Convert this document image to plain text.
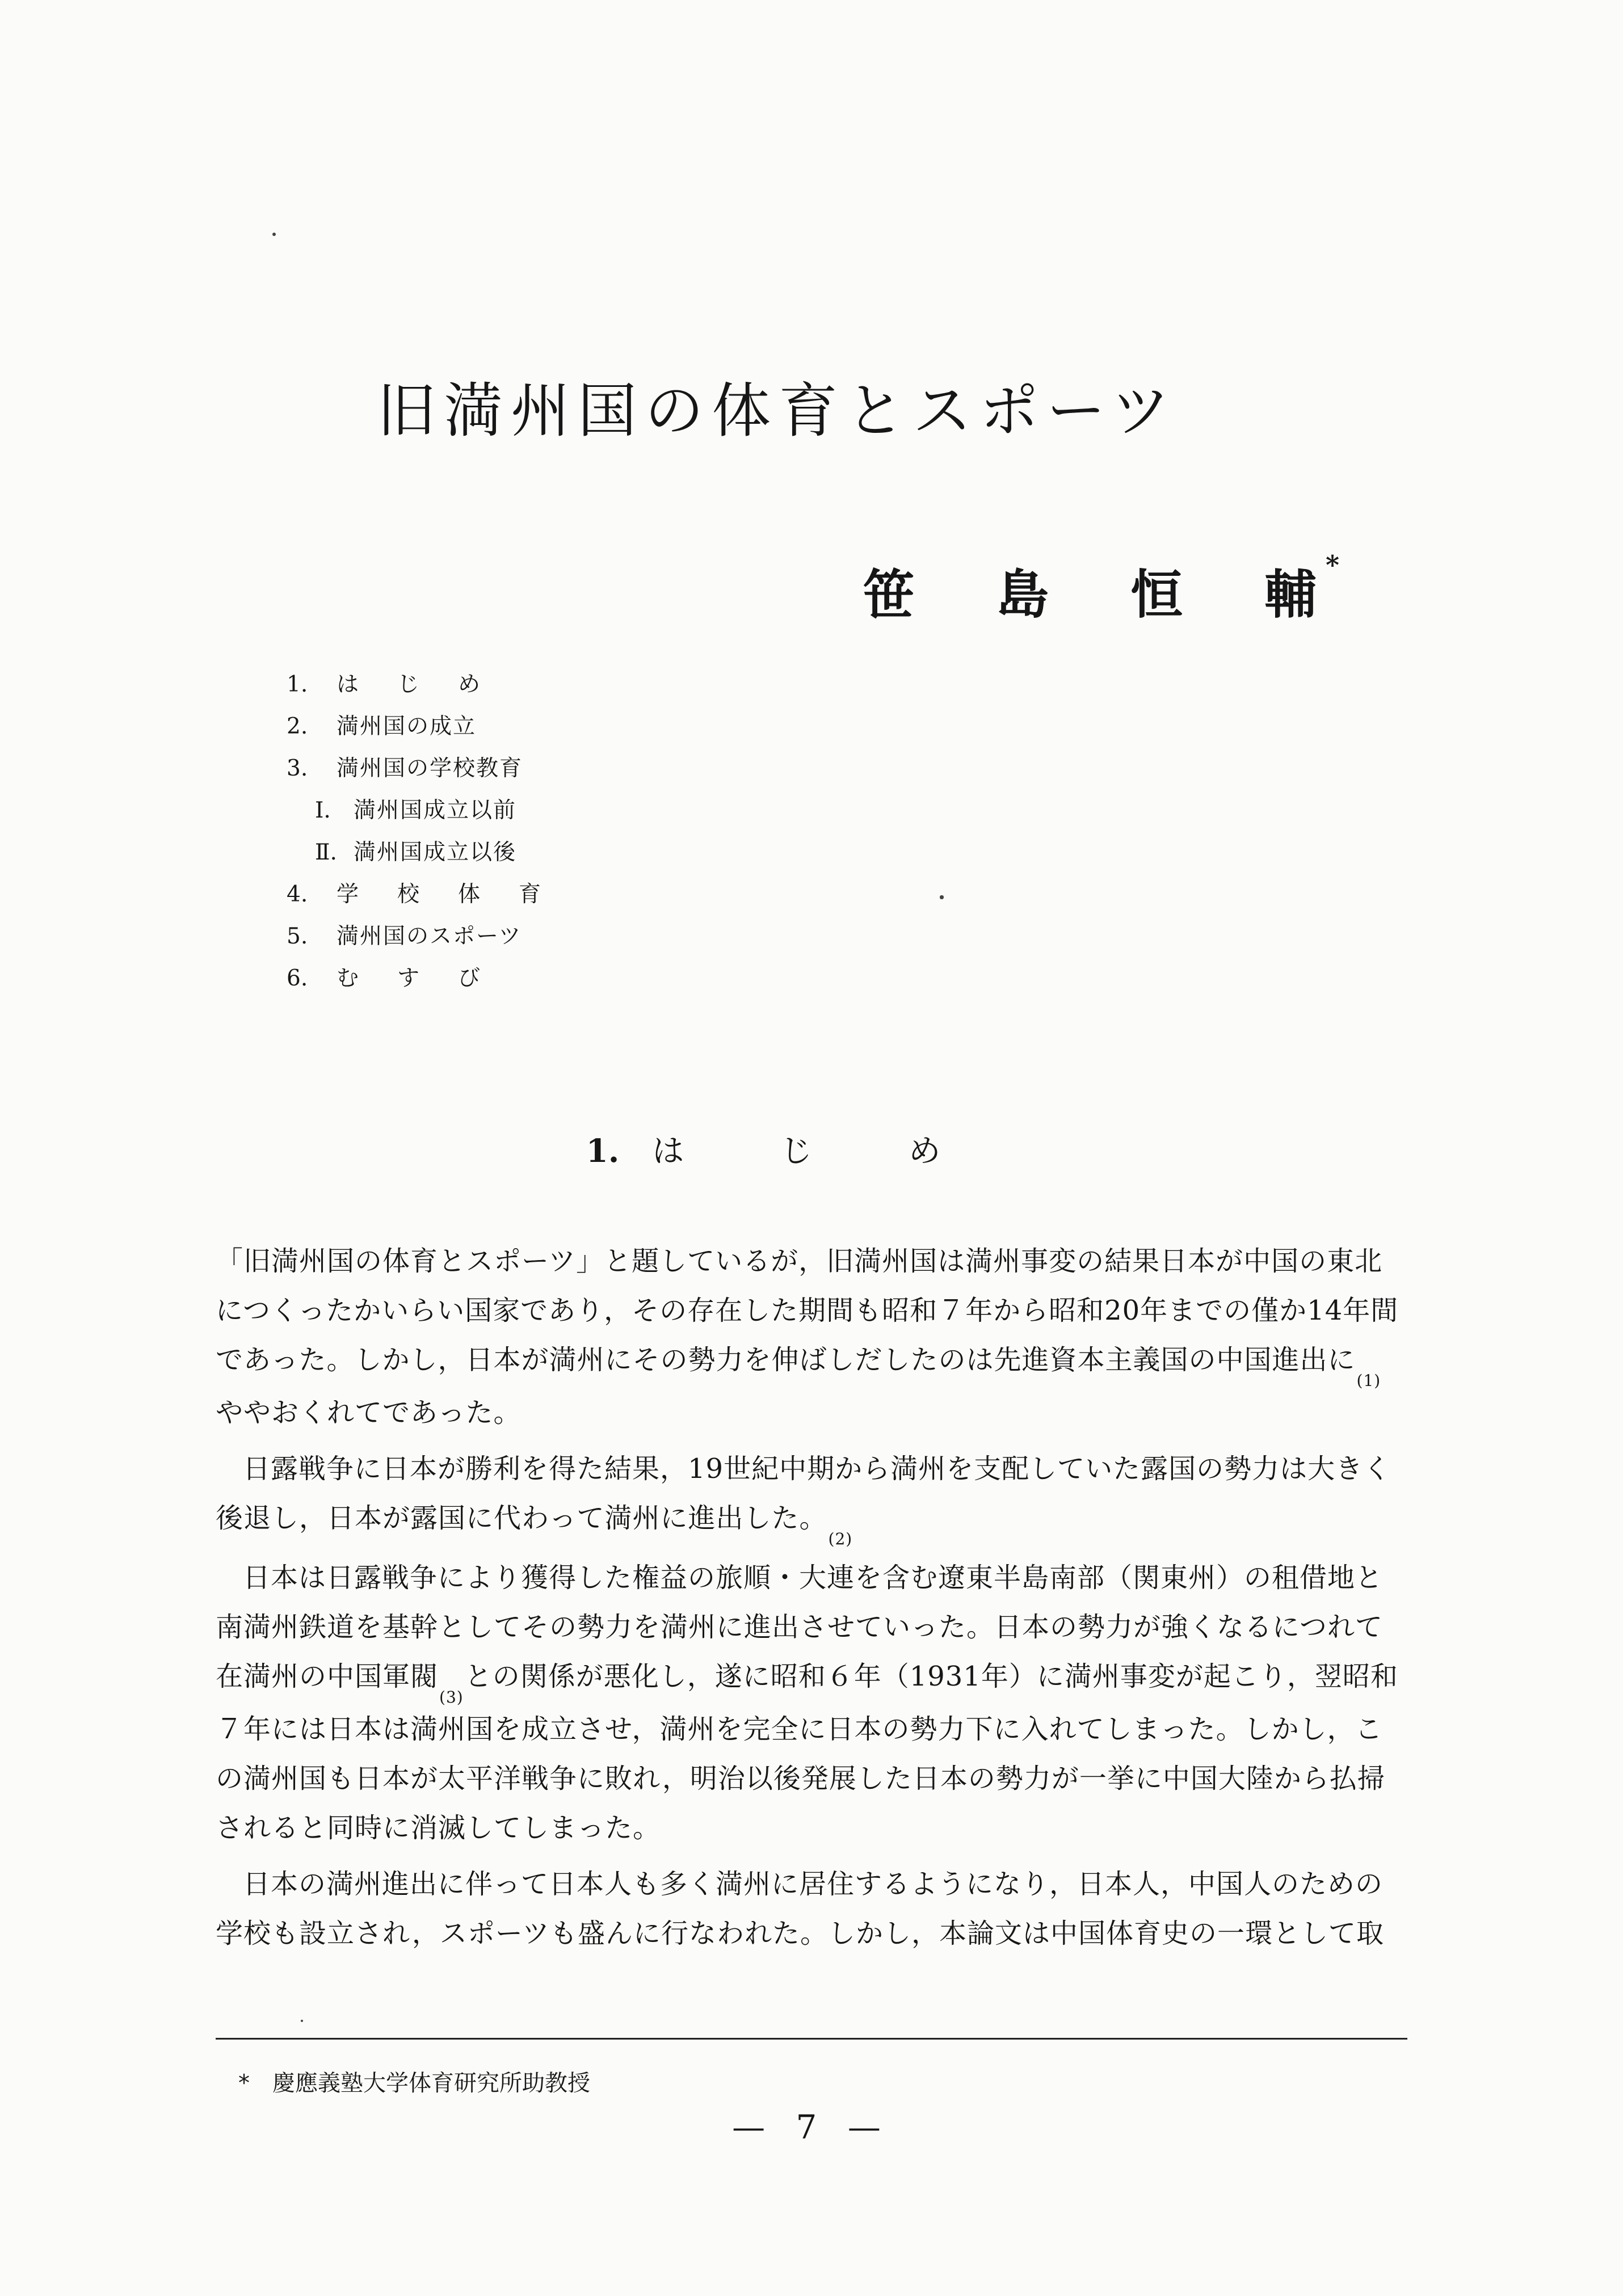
旧満州国の体育とスポーツ
笹 島 恒 輔 *
1.	はじめ
2.	満州国の成立
3.	満州国の学校教育
Ⅰ.	満州国成立以前
Ⅱ. 満州国成立以後
4.	学校体育
5.	満州国のスポーツ
6.	むすび
1. はじめ

「旧満州国の体育とスポーツ」と題しているが，旧満州国は満州事変の結果日本が中国の東北につくったかいらい国家であり，その存在した期間も昭和７年から昭和20年までの僅か14年間であった。しかし，日本が満州にその勢力を伸ばしだしたのは先進資本主義国の中国進出に$_{(1)}$ややおくれてであった。

日露戦争に日本が勝利を得た結果，19世紀中期から満州を支配していた露国の勢力は大きく後退し，日本が露国に代わって満州に進出した。$_{(2)}$

日本は日露戦争により獲得した権益の旅順・大連を含む遼東半島南部（関東州）の租借地と南満州鉄道を基幹としてその勢力を満州に進出させていった。日本の勢力が強くなるにつれて在満州の中国軍閥$_{(3)}$との関係が悪化し，遂に昭和６年（1931年）に満州事変が起こり，翌昭和７年には日本は満州国を成立させ，満州を完全に日本の勢力下に入れてしまった。しかし，この満州国も日本が太平洋戦争に敗れ，明治以後発展した日本の勢力が一挙に中国大陸から払掃されると同時に消滅してしまった。

日本の満州進出に伴って日本人も多く満州に居住するようになり，日本人，中国人のための学校も設立され，スポーツも盛んに行なわれた。しかし，本論文は中国体育史の一環として取

* 慶應義塾大学体育研究所助教授
— 7 —
